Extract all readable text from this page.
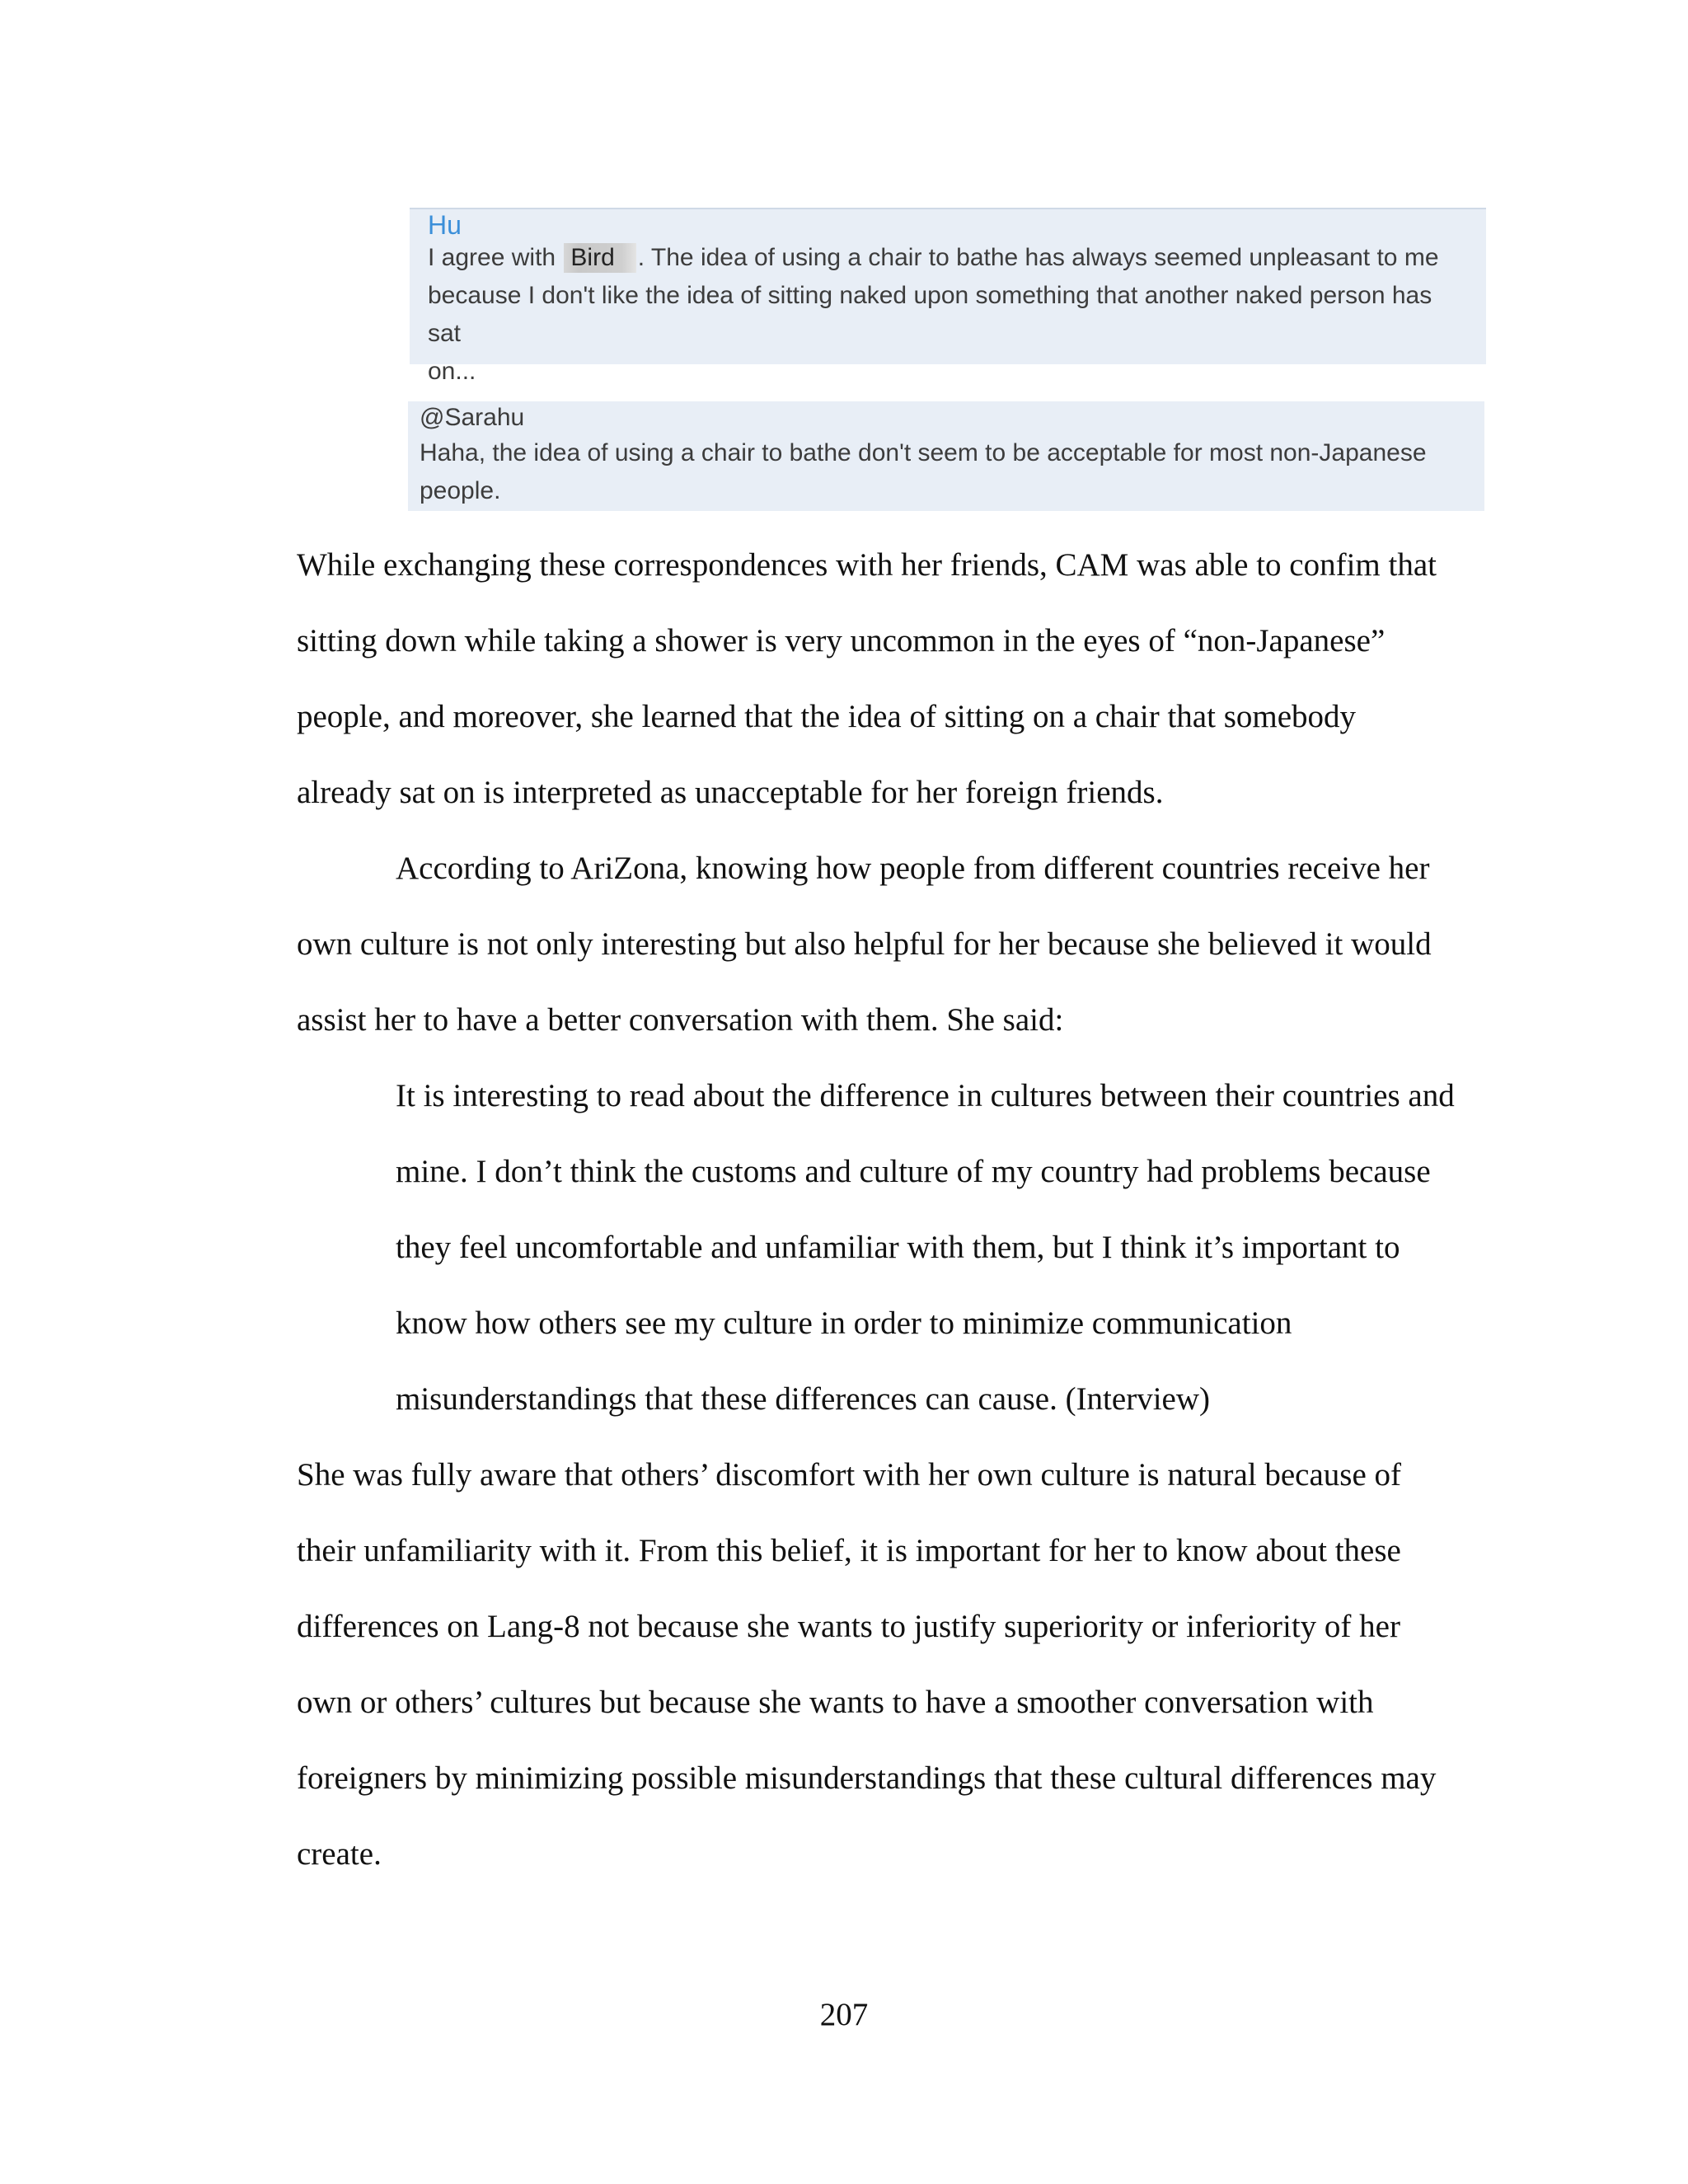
Hu
I agree with Bird . The idea of using a chair to bathe has always seemed unpleasant to me
because I don't like the idea of sitting naked upon something that another naked person has sat
on...
@Sarahu
Haha, the idea of using a chair to bathe don't seem to be acceptable for most non-Japanese
people.
While exchanging these correspondences with her friends, CAM was able to confim that
sitting down while taking a shower is very uncommon in the eyes of “non-Japanese”
people, and moreover, she learned that the idea of sitting on a chair that somebody
already sat on is interpreted as unacceptable for her foreign friends.
According to AriZona, knowing how people from different countries receive her
own culture is not only interesting but also helpful for her because she believed it would
assist her to have a better conversation with them. She said:
It is interesting to read about the difference in cultures between their countries and
mine. I don’t think the customs and culture of my country had problems because
they feel uncomfortable and unfamiliar with them, but I think it’s important to
know how others see my culture in order to minimize communication
misunderstandings that these differences can cause. (Interview)
She was fully aware that others’ discomfort with her own culture is natural because of
their unfamiliarity with it. From this belief, it is important for her to know about these
differences on Lang-8 not because she wants to justify superiority or inferiority of her
own or others’ cultures but because she wants to have a smoother conversation with
foreigners by minimizing possible misunderstandings that these cultural differences may
create.
207
